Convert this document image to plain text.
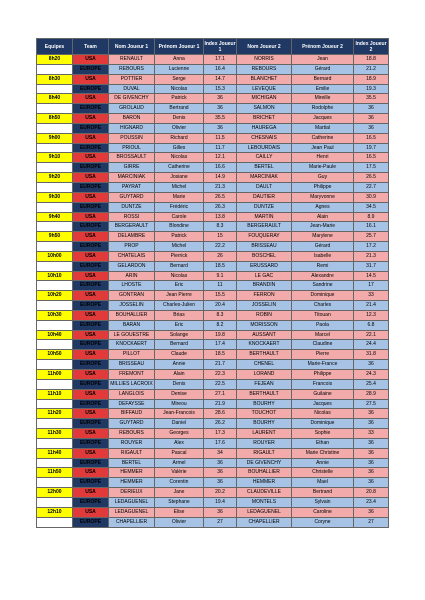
Equipes	Team	Nom Joueur 1	Prénom Joueur 1	Index Joueur 1	Nom Joueur 2	Prénom Joueur 2	Index Joueur 2
8h20	USA	RENAULT	Anna	17.1	NORRIS	Jean	18.8
	EUROPE	REBOURS	Lucienne	16.4	REBOURS	Gérard	21.2
8h30	USA	POTTIER	Serge	14.7	BLANCHET	Bernard	18.9
	EUROPE	DUVAL	Nicolas	15.3	LEVEQUE	Emilie	19.3
8h40	USA	DE GIVENCHY	Patrick	36	MICHIGAN	Mireille	35.5
	EUROPE	GROLAUD	Bertrand	36	SALMON	Rodolphe	36
8h50	USA	BARON	Denis	35.5	BRICHET	Jacques	36
	EUROPE	HIGNARD	Olivier	36	HAUREGA	Martial	36
9h00	USA	POUSSIN	Richard	11.5	CHESNAIS	Catherine	16.5
	EUROPE	PRIOUL	Gilles	11.7	LEBOURDAIS	Jean Paul	19.7
9h10	USA	BROSSAULT	Nicolas	12.1	CAILLY	Henri	16.5
	EUROPE	GIRRE	Catherine	16.6	BERTEL	Marie-Paule	17.5
9h20	USA	MARCINIAK	Josiane	14.9	MARCINIAK	Guy	26.5
	EUROPE	PAYRAT	Michel	21.3	DAULT	Philippe	22.7
9h30	USA	GUYTARD	Marie	26.5	DAUTIER	Maryvonne	30.9
	EUROPE	DUNTZE	Frédéric	26.3	DUNTZE	Agnes	34.5
9h40	USA	ROSSI	Carole	13.8	MARTIN	Alain	8.9
	EUROPE	BERGERAULT	Blondine	8.3	BERGERAULT	Jean-Marie	16.1
9h50	USA	DELAMBRE	Patrick	15	FOUQUERAY	Marylene	25.7
	EUROPE	PROP	Michel	22.2	BRISSEAU	Gérard	17.2
10h00	USA	CHATELAIS	Pierrick	26	BOSCHEL	Isabelle	21.3
	EUROPE	GELARDON	Bernard	18.5	ERUSSARD	Remi	31.7
10h10	USA	ARIN	Nicolas	9.1	LE GAC	Alexandre	14.5
	EUROPE	LHOSTE	Eric	11	BRANDIN	Sandrine	17
10h20	USA	GONTRAN	Jean Pierre	15.5	FERRON	Dominique	33
	EUROPE	JOSSELIN	Charles-Julien	20.4	JOSSELIN	Charles	21.4
10h30	USA	BOUHALLIER	Brias	8.3	ROBIN	Titouan	12.3
	EUROPE	BARAN	Eric	8.2	MORISSON	Paola	6.8
10h40	USA	LE GOUESTRE	Solange	19.8	AUSSANT	Marcel	22.1
	EUROPE	KNOCKAERT	Bernard	17.4	KNOCKAERT	Claudine	24.4
10h50	USA	PILLOT	Claude	18.5	BERTHAULT	Pierre	31.8
	EUROPE	BRISSEAU	Annie	21.7	CHENEL	Marie-France	36
11h00	USA	FREMONT	Alain	22.3	LORAND	Philippe	24.3
	EUROPE	MILLIES LACROIX	Denis	22.5	FEJEAN	Francois	25.4
11h10	USA	LANGLOIS	Denise	27.1	BERTHAULT	Guilaine	28.9
	EUROPE	DEFAYSSE	Mireou	21.9	BOURHY	Jacques	27.5
11h20	USA	BIFFAUD	Jean-Francois	28.6	TOUCHOT	Nicolas	36
	EUROPE	GUYTARD	Daniel	26.2	BOURHY	Dominique	36
11h30	USA	REBOURS	Georges	17.3	LAURENT	Sophie	33
	EUROPE	ROUYER	Alex	17.6	ROUYER	Ethan	36
11h40	USA	RIGAULT	Pascal	34	RIGAULT	Marie Christine	36
	EUROPE	BERTEL	Armel	36	DE GIVENCHY	Annie	36
11h50	USA	HEMMER	Valérie	36	BOUHALLIER	Christelle	36
	EUROPE	HEMMER	Corentin	36	HEMMER	Mael	36
12h00	USA	DERIEUX	Jane	20.2	CLAUDEVILLE	Bertrand	20.8
	EUROPE	LEDAGUENEL	Stephane	19.4	MONTELS	Sylvain	23.4
12h10	USA	LEDAGUENEL	Elise	36	LEDAGUENEL	Caroline	36
	EUROPE	CHAPELLIER	Olivier	27	CHAPELLIER	Coryne	27
